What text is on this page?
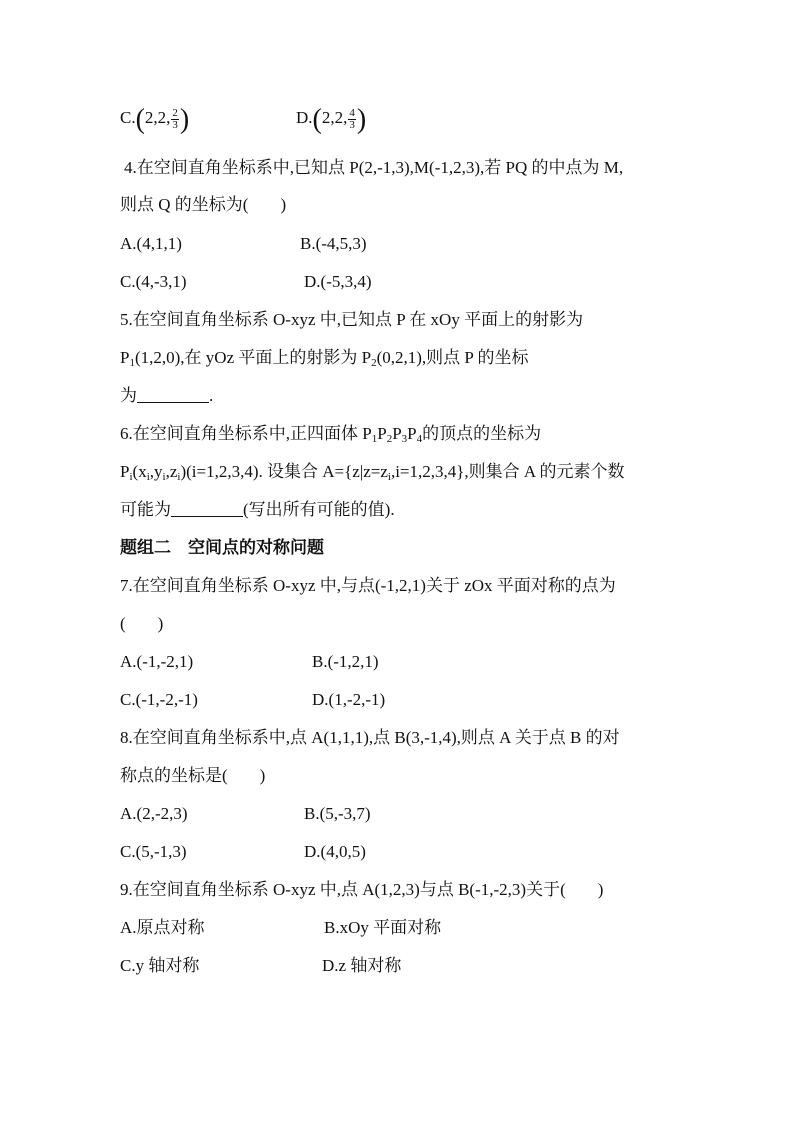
C.(2,2, $\frac{2}{3}$ )	D.(2,2, $\frac{4}{3}$ )
4.在空间直角坐标系中,已知点 P(2,-1,3),M(-1,2,3),若 PQ 的中点为 M,
则点 Q 的坐标为( )
A.(4,1,1)	B.(-4,5,3)
C.(4,-3,1)	D.(-5,3,4)
5.在空间直角坐标系 O-xyz 中,已知点 P 在 xOy 平面上的射影为
$P_1(1,2,0)$,在 yOz 平面上的射影为 $P_2(0,2,1)$,则点 P 的坐标
为	.
6.在空间直角坐标系中,正四面体 $P_1P_2P_3P_4$的顶点的坐标为
$P_i(x_i,y_i,z_i)(i=1,2,3,4)$. 设集合 $A=\{z|z=z_i,i=1,2,3,4\}$,则集合 A 的元素个数
可能为	(写出所有可能的值).
题组二　空间点的对称问题
7.在空间直角坐标系 O-xyz 中,与点(-1,2,1)关于 zOx 平面对称的点为
( )
A.(-1,-2,1)	B.(-1,2,1)
C.(-1,-2,-1)	D.(1,-2,-1)
8.在空间直角坐标系中,点 A(1,1,1),点 B(3,-1,4),则点 A 关于点 B 的对
称点的坐标是( )
A.(2,-2,3)	B.(5,-3,7)
C.(5,-1,3)	D.(4,0,5)
9.在空间直角坐标系 O-xyz 中,点 A(1,2,3)与点 B(-1,-2,3)关于( )
A.原点对称	B.xOy 平面对称
C.y 轴对称	D.z 轴对称
